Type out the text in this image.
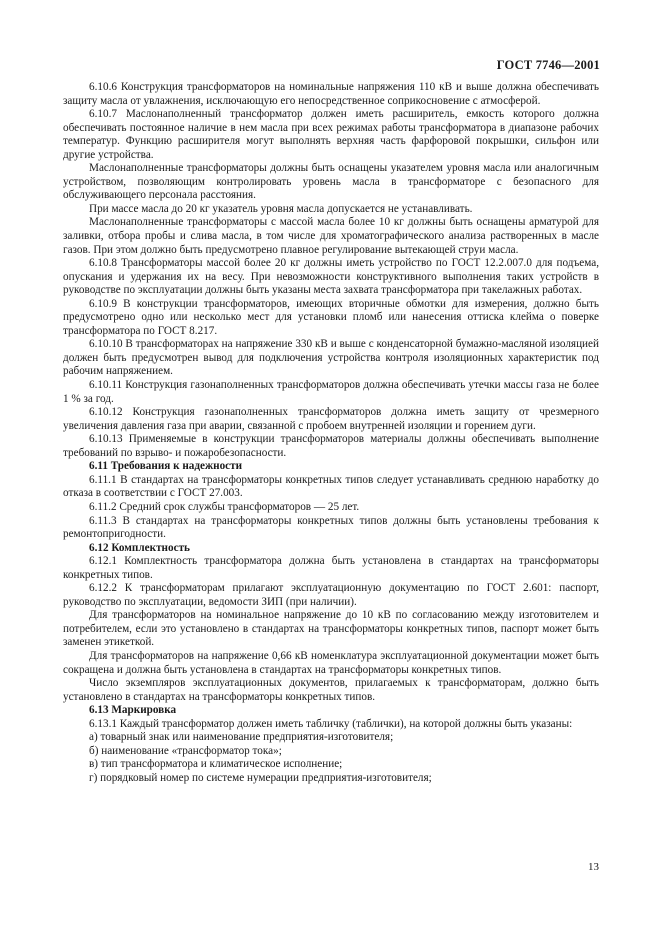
ГОСТ 7746—2001

6.10.6 Конструкция трансформаторов на номинальные напряжения 110 кВ и выше должна обеспечивать защиту масла от увлажнения, исключающую его непосредственное соприкосновение с атмосферой.

6.10.7 Маслонаполненный трансформатор должен иметь расширитель, емкость которого должна обеспечивать постоянное наличие в нем масла при всех режимах работы трансформатора в диапазоне рабочих температур. Функцию расширителя могут выполнять верхняя часть фарфоровой покрышки, сильфон или другие устройства.

Маслонаполненные трансформаторы должны быть оснащены указателем уровня масла или аналогичным устройством, позволяющим контролировать уровень масла в трансформаторе с безопасного для обслуживающего персонала расстояния.

При массе масла до 20 кг указатель уровня масла допускается не устанавливать.

Маслонаполненные трансформаторы с массой масла более 10 кг должны быть оснащены арматурой для заливки, отбора пробы и слива масла, в том числе для хроматографического анализа растворенных в масле газов. При этом должно быть предусмотрено плавное регулирование вытекающей струи масла.

6.10.8 Трансформаторы массой более 20 кг должны иметь устройство по ГОСТ 12.2.007.0 для подъема, опускания и удержания их на весу. При невозможности конструктивного выполнения таких устройств в руководстве по эксплуатации должны быть указаны места захвата трансформатора при такелажных работах.

6.10.9 В конструкции трансформаторов, имеющих вторичные обмотки для измерения, должно быть предусмотрено одно или несколько мест для установки пломб или нанесения оттиска клейма о поверке трансформатора по ГОСТ 8.217.

6.10.10 В трансформаторах на напряжение 330 кВ и выше с конденсаторной бумажно-масляной изоляцией должен быть предусмотрен вывод для подключения устройства контроля изоляционных характеристик под рабочим напряжением.

6.10.11 Конструкция газонаполненных трансформаторов должна обеспечивать утечки массы газа не более 1 % за год.

6.10.12 Конструкция газонаполненных трансформаторов должна иметь защиту от чрезмерного увеличения давления газа при аварии, связанной с пробоем внутренней изоляции и горением дуги.

6.10.13 Применяемые в конструкции трансформаторов материалы должны обеспечивать выполнение требований по взрыво- и пожаробезопасности.

6.11 Требования к надежности

6.11.1 В стандартах на трансформаторы конкретных типов следует устанавливать среднюю наработку до отказа в соответствии с ГОСТ 27.003.

6.11.2 Средний срок службы трансформаторов — 25 лет.

6.11.3 В стандартах на трансформаторы конкретных типов должны быть установлены требования к ремонтопригодности.

6.12 Комплектность

6.12.1 Комплектность трансформатора должна быть установлена в стандартах на трансформаторы конкретных типов.

6.12.2 К трансформаторам прилагают эксплуатационную документацию по ГОСТ 2.601: паспорт, руководство по эксплуатации, ведомости ЗИП (при наличии).

Для трансформаторов на номинальное напряжение до 10 кВ по согласованию между изготовителем и потребителем, если это установлено в стандартах на трансформаторы конкретных типов, паспорт может быть заменен этикеткой.

Для трансформаторов на напряжение 0,66 кВ номенклатура эксплуатационной документации может быть сокращена и должна быть установлена в стандартах на трансформаторы конкретных типов.

Число экземпляров эксплуатационных документов, прилагаемых к трансформаторам, должно быть установлено в стандартах на трансформаторы конкретных типов.

6.13 Маркировка

6.13.1 Каждый трансформатор должен иметь табличку (таблички), на которой должны быть указаны:

а) товарный знак или наименование предприятия-изготовителя;

б) наименование «трансформатор тока»;

в) тип трансформатора и климатическое исполнение;

г) порядковый номер по системе нумерации предприятия-изготовителя;

13
